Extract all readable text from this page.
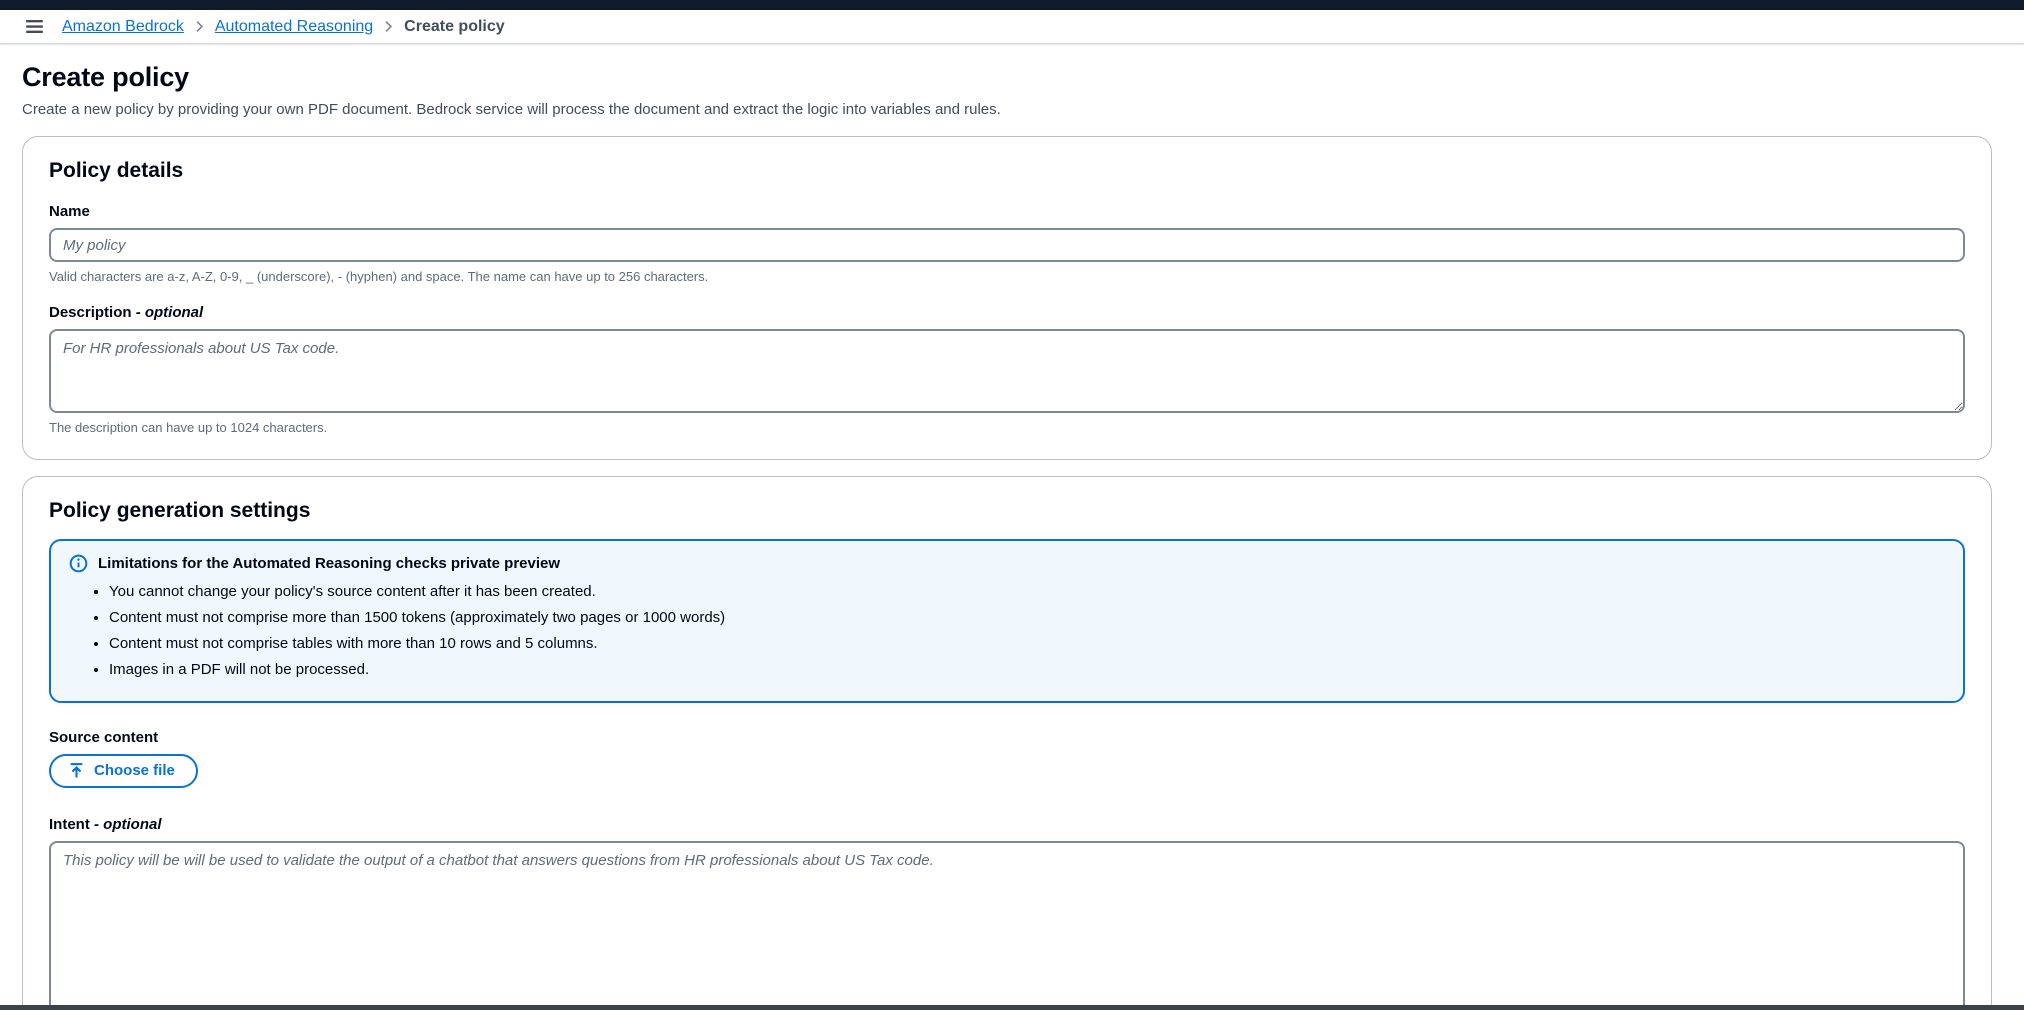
Amazon Bedrock Automated Reasoning Create policy
Create policy

Create a new policy by providing your own PDF document. Bedrock service will process the document and extract the logic into variables and rules.

Policy details
Name
My policy
Valid characters are a-z, A-Z, 0-9, _ (underscore), - (hyphen) and space. The name can have up to 256 characters.
Description - optional
For HR professionals about US Tax code.
The description can have up to 1024 characters.
Policy generation settings
Limitations for the Automated Reasoning checks private preview
• You cannot change your policy's source content after it has been created.
• Content must not comprise more than 1500 tokens (approximately two pages or 1000 words)
• Content must not comprise tables with more than 10 rows and 5 columns.
• Images in a PDF will not be processed.
Source content
Choose file
Intent - optional
This policy will be will be used to validate the output of a chatbot that answers questions from HR professionals about US Tax code.
